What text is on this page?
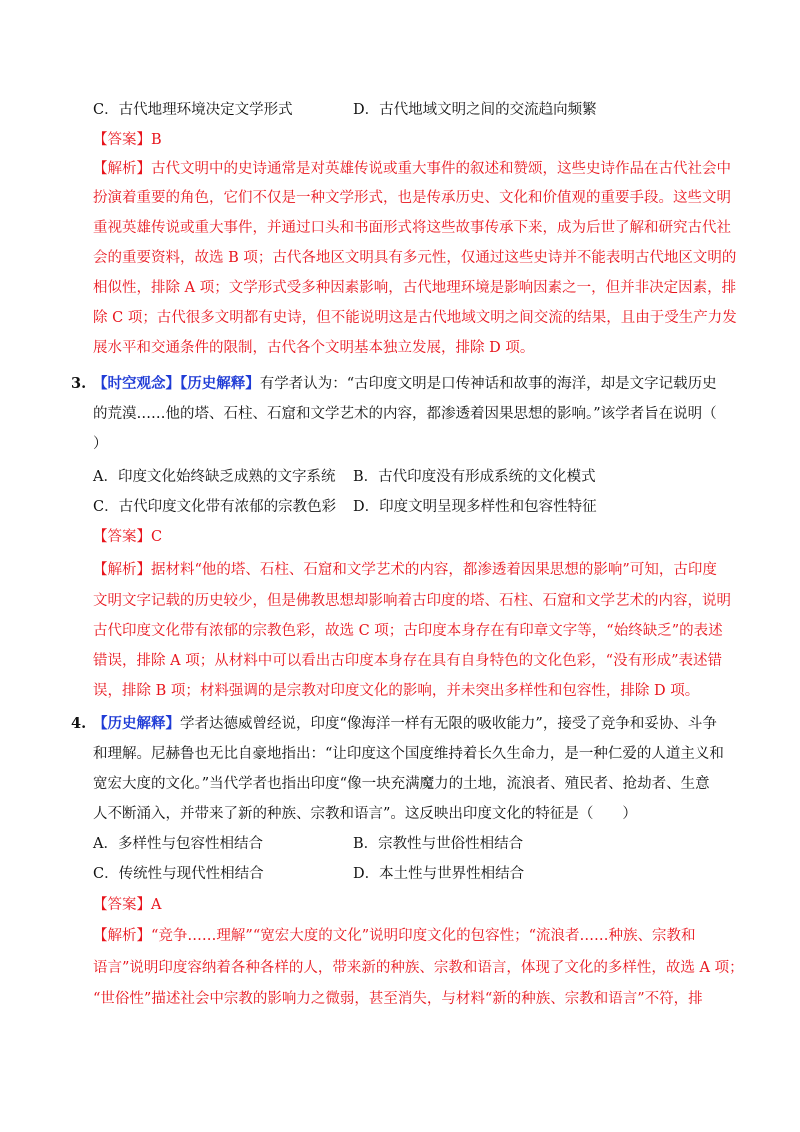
C．古代地理环境决定文学形式	D．古代地域文明之间的交流趋向频繁
【答案】B
【解析】古代文明中的史诗通常是对英雄传说或重大事件的叙述和赞颂，这些史诗作品在古代社会中
扮演着重要的角色，它们不仅是一种文学形式，也是传承历史、文化和价值观的重要手段。这些文明
重视英雄传说或重大事件，并通过口头和书面形式将这些故事传承下来，成为后世了解和研究古代社
会的重要资料，故选 B 项；古代各地区文明具有多元性，仅通过这些史诗并不能表明古代地区文明的
相似性，排除 A 项；文学形式受多种因素影响，古代地理环境是影响因素之一，但并非决定因素，排
除 C 项；古代很多文明都有史诗，但不能说明这是古代地域文明之间交流的结果，且由于受生产力发
展水平和交通条件的限制，古代各个文明基本独立发展，排除 D 项。
3. 【时空观念】【历史解释】有学者认为：“古印度文明是口传神话和故事的海洋，却是文字记载历史
的荒漠……他的塔、石柱、石窟和文学艺术的内容，都渗透着因果思想的影响。”该学者旨在说明（
）
A．印度文化始终缺乏成熟的文字系统 B．古代印度没有形成系统的文化模式
C．古代印度文化带有浓郁的宗教色彩 D．印度文明呈现多样性和包容性特征
【答案】C
【解析】据材料“他的塔、石柱、石窟和文学艺术的内容，都渗透着因果思想的影响”可知，古印度
文明文字记载的历史较少，但是佛教思想却影响着古印度的塔、石柱、石窟和文学艺术的内容，说明
古代印度文化带有浓郁的宗教色彩，故选 C 项；古印度本身存在有印章文字等，“始终缺乏”的表述
错误，排除 A 项；从材料中可以看出古印度本身存在具有自身特色的文化色彩，“没有形成”表述错
误，排除 B 项；材料强调的是宗教对印度文化的影响，并未突出多样性和包容性，排除 D 项。
4. 【历史解释】学者达德威曾经说，印度“像海洋一样有无限的吸收能力”，接受了竞争和妥协、斗争
和理解。尼赫鲁也无比自豪地指出：“让印度这个国度维持着长久生命力，是一种仁爱的人道主义和
宽宏大度的文化。”当代学者也指出印度“像一块充满魔力的土地，流浪者、殖民者、抢劫者、生意
人不断涌入，并带来了新的种族、宗教和语言”。这反映出印度文化的特征是（　　）
A．多样性与包容性相结合	B．宗教性与世俗性相结合
C．传统性与现代性相结合	D．本土性与世界性相结合
【答案】A
【解析】“竞争……理解”“宽宏大度的文化”说明印度文化的包容性；“流浪者……种族、宗教和
语言”说明印度容纳着各种各样的人，带来新的种族、宗教和语言，体现了文化的多样性，故选 A 项；
“世俗性”描述社会中宗教的影响力之微弱，甚至消失，与材料“新的种族、宗教和语言”不符，排
